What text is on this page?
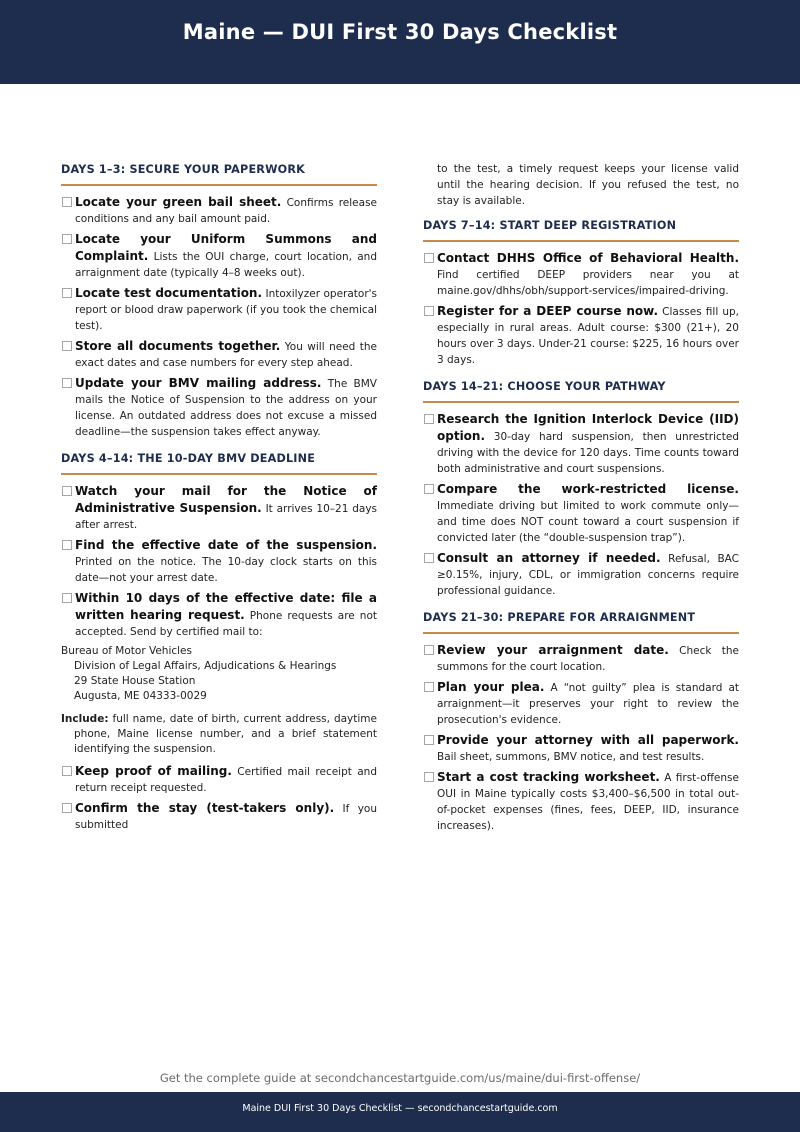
Maine — DUI First 30 Days Checklist
DAYS 1–3: SECURE YOUR PAPERWORK
Locate your green bail sheet. Confirms release conditions and any bail amount paid.
Locate your Uniform Summons and Complaint. Lists the OUI charge, court location, and arraignment date (typically 4–8 weeks out).
Locate test documentation. Intoxilyzer operator's report or blood draw paperwork (if you took the chemical test).
Store all documents together. You will need the exact dates and case numbers for every step ahead.
Update your BMV mailing address. The BMV mails the Notice of Suspension to the address on your license. An outdated address does not excuse a missed deadline—the suspension takes effect anyway.
DAYS 4–14: THE 10-DAY BMV DEADLINE
Watch your mail for the Notice of Administrative Suspension. It arrives 10–21 days after arrest.
Find the effective date of the suspension. Printed on the notice. The 10-day clock starts on this date—not your arrest date.
Within 10 days of the effective date: file a written hearing request. Phone requests are not accepted. Send by certified mail to:
Bureau of Motor Vehicles
Division of Legal Affairs, Adjudications & Hearings
29 State House Station
Augusta, ME 04333-0029
Include: full name, date of birth, current address, daytime phone, Maine license number, and a brief statement identifying the suspension.
Keep proof of mailing. Certified mail receipt and return receipt requested.
Confirm the stay (test-takers only). If you submitted
to the test, a timely request keeps your license valid until the hearing decision. If you refused the test, no stay is available.
DAYS 7–14: START DEEP REGISTRATION
Contact DHHS Office of Behavioral Health. Find certified DEEP providers near you at maine.gov/dhhs/obh/support-services/impaired-driving.
Register for a DEEP course now. Classes fill up, especially in rural areas. Adult course: $300 (21+), 20 hours over 3 days. Under-21 course: $225, 16 hours over 3 days.
DAYS 14–21: CHOOSE YOUR PATHWAY
Research the Ignition Interlock Device (IID) option. 30-day hard suspension, then unrestricted driving with the device for 120 days. Time counts toward both administrative and court suspensions.
Compare the work-restricted license. Immediate driving but limited to work commute only—and time does NOT count toward a court suspension if convicted later (the “double-suspension trap”).
Consult an attorney if needed. Refusal, BAC ≥0.15%, injury, CDL, or immigration concerns require professional guidance.
DAYS 21–30: PREPARE FOR ARRAIGNMENT
Review your arraignment date. Check the summons for the court location.
Plan your plea. A “not guilty” plea is standard at arraignment—it preserves your right to review the prosecution's evidence.
Provide your attorney with all paperwork. Bail sheet, summons, BMV notice, and test results.
Start a cost tracking worksheet. A first-offense OUI in Maine typically costs $3,400–$6,500 in total out-of-pocket expenses (fines, fees, DEEP, IID, insurance increases).
Get the complete guide at secondchancestartguide.com/us/maine/dui-first-offense/
Maine DUI First 30 Days Checklist — secondchancestartguide.com
